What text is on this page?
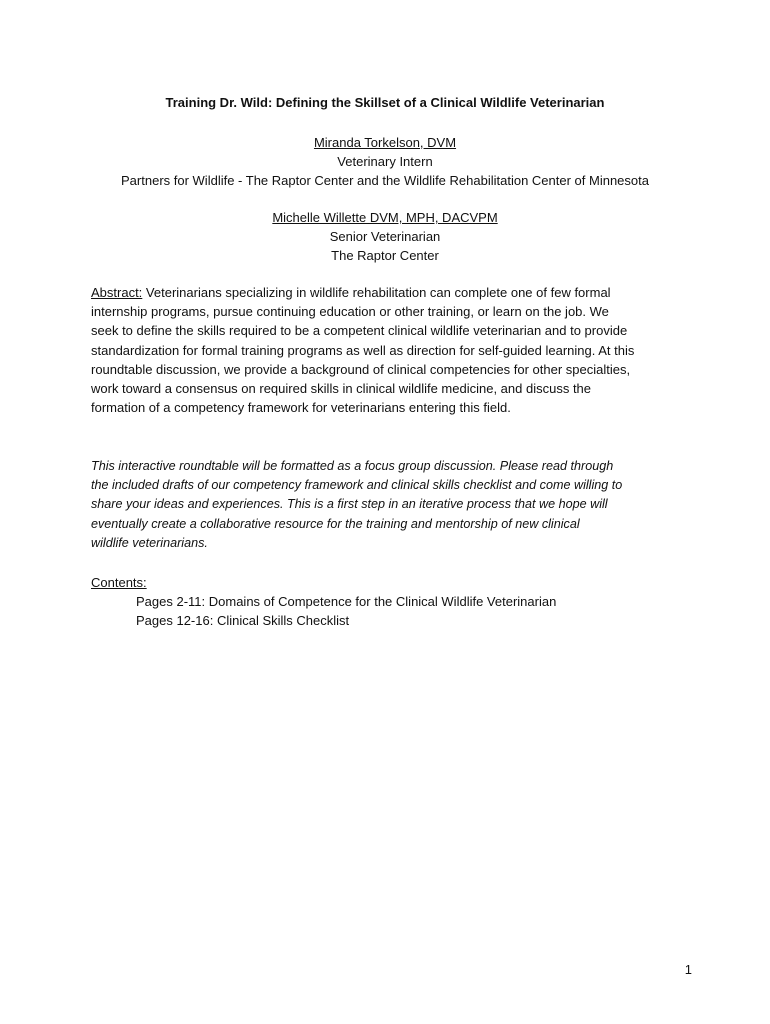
Training Dr. Wild: Defining the Skillset of a Clinical Wildlife Veterinarian
Miranda Torkelson, DVM
Veterinary Intern
Partners for Wildlife - The Raptor Center and the Wildlife Rehabilitation Center of Minnesota
Michelle Willette DVM, MPH, DACVPM
Senior Veterinarian
The Raptor Center
Abstract: Veterinarians specializing in wildlife rehabilitation can complete one of few formal
internship programs, pursue continuing education or other training, or learn on the job. We
seek to define the skills required to be a competent clinical wildlife veterinarian and to provide
standardization for formal training programs as well as direction for self-guided learning. At this
roundtable discussion, we provide a background of clinical competencies for other specialties,
work toward a consensus on required skills in clinical wildlife medicine, and discuss the
formation of a competency framework for veterinarians entering this field.
This interactive roundtable will be formatted as a focus group discussion. Please read through
the included drafts of our competency framework and clinical skills checklist and come willing to
share your ideas and experiences. This is a first step in an iterative process that we hope will
eventually create a collaborative resource for the training and mentorship of new clinical
wildlife veterinarians.
Contents:
Pages 2-11: Domains of Competence for the Clinical Wildlife Veterinarian
Pages 12-16: Clinical Skills Checklist
1
